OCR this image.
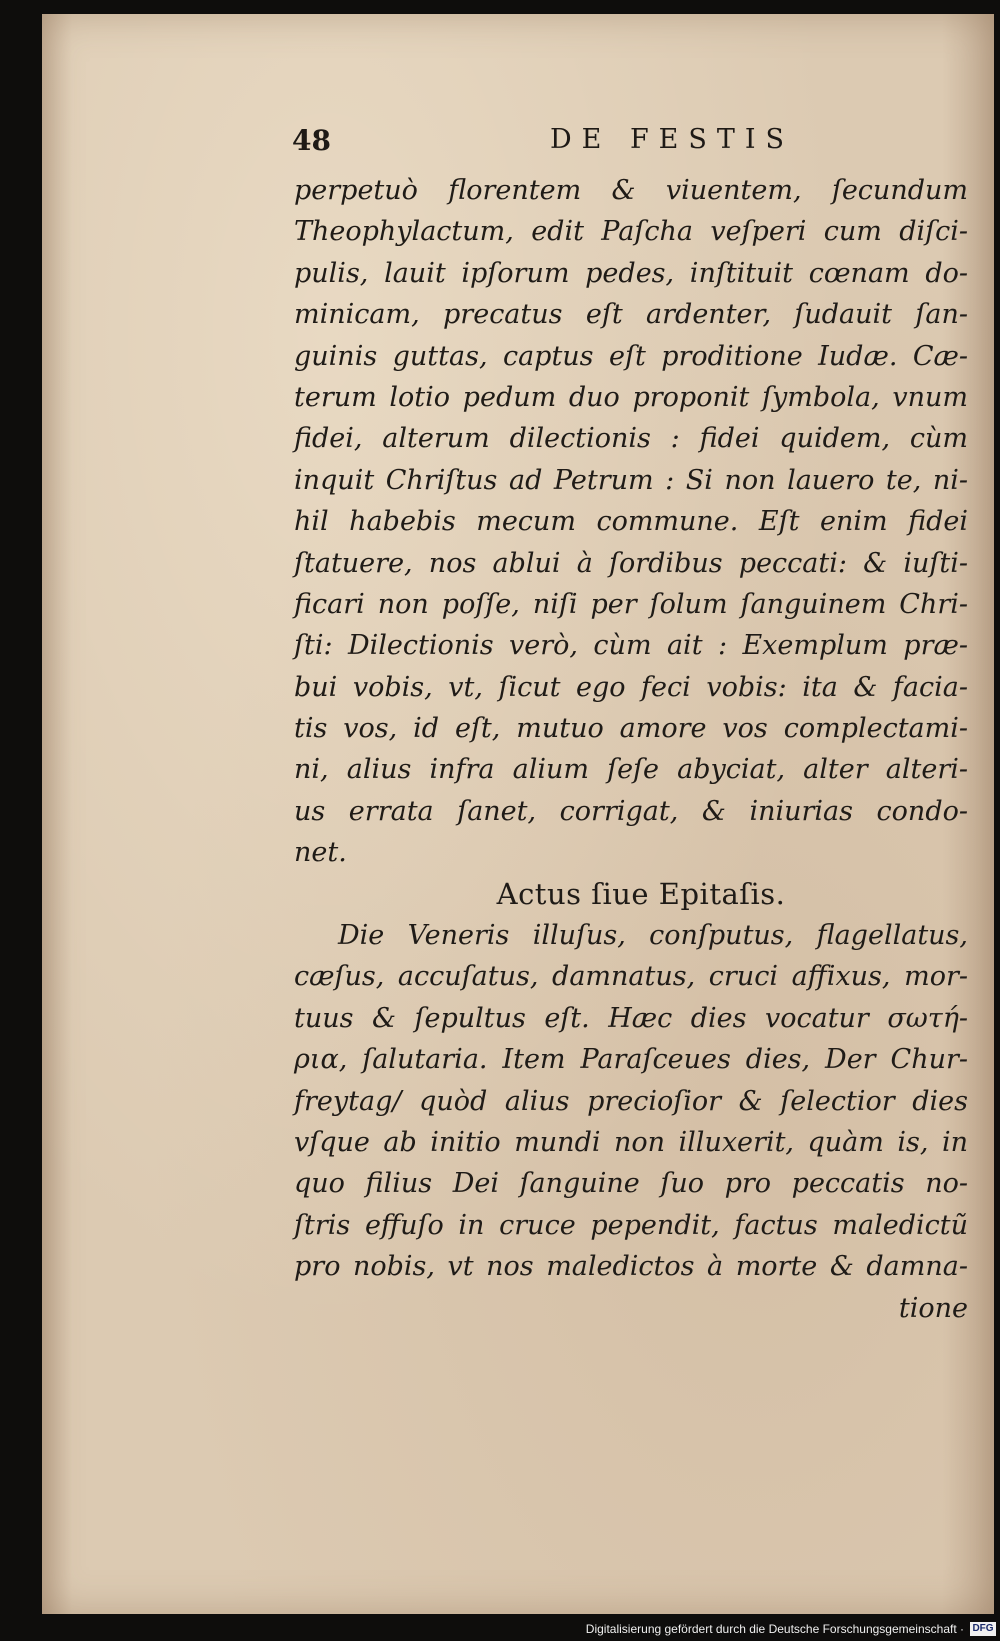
48	DE FESTIS
perpetuò florentem & viuentem, ſecundum
Theophylactum, edit Paſcha veſperi cum diſci-
pulis, lauit ipſorum pedes, inſtituit cœnam do-
minicam, precatus eſt ardenter, ſudauit ſan-
guinis guttas, captus eſt proditione Iudæ. Cæ-
terum lotio pedum duo proponit ſymbola, vnum
fidei, alterum dilectionis : fidei quidem, cùm
inquit Chriſtus ad Petrum : Si non lauero te, ni-
hil habebis mecum commune. Eſt enim fidei
ſtatuere, nos ablui à ſordibus peccati: & iuſti-
ficari non poſſe, niſi per ſolum ſanguinem Chri-
ſti: Dilectionis verò, cùm ait : Exemplum præ-
bui vobis, vt, ſicut ego feci vobis: ita & facia-
tis vos, id eſt, mutuo amore vos complectami-
ni, alius infra alium ſeſe abyciat, alter alteri-
us errata ſanet, corrigat, & iniurias condo-
net.
Actus ſiue Epitaſis.
Die Veneris illuſus, conſputus, flagellatus,
cæſus, accuſatus, damnatus, cruci affixus, mor-
tuus & ſepultus eſt. Hæc dies vocatur σωτή-
ρια, ſalutaria. Item Paraſceues dies, Der Chur-
freytag/ quòd alius precioſior & ſelectior dies
vſque ab initio mundi non illuxerit, quàm is, in
quo filius Dei ſanguine ſuo pro peccatis no-
ſtris effuſo in cruce pependit, factus maledictũ
pro nobis, vt nos maledictos à morte & damna-
tione
Digitalisierung gefördert durch die Deutsche Forschungsgemeinschaft · DFG
